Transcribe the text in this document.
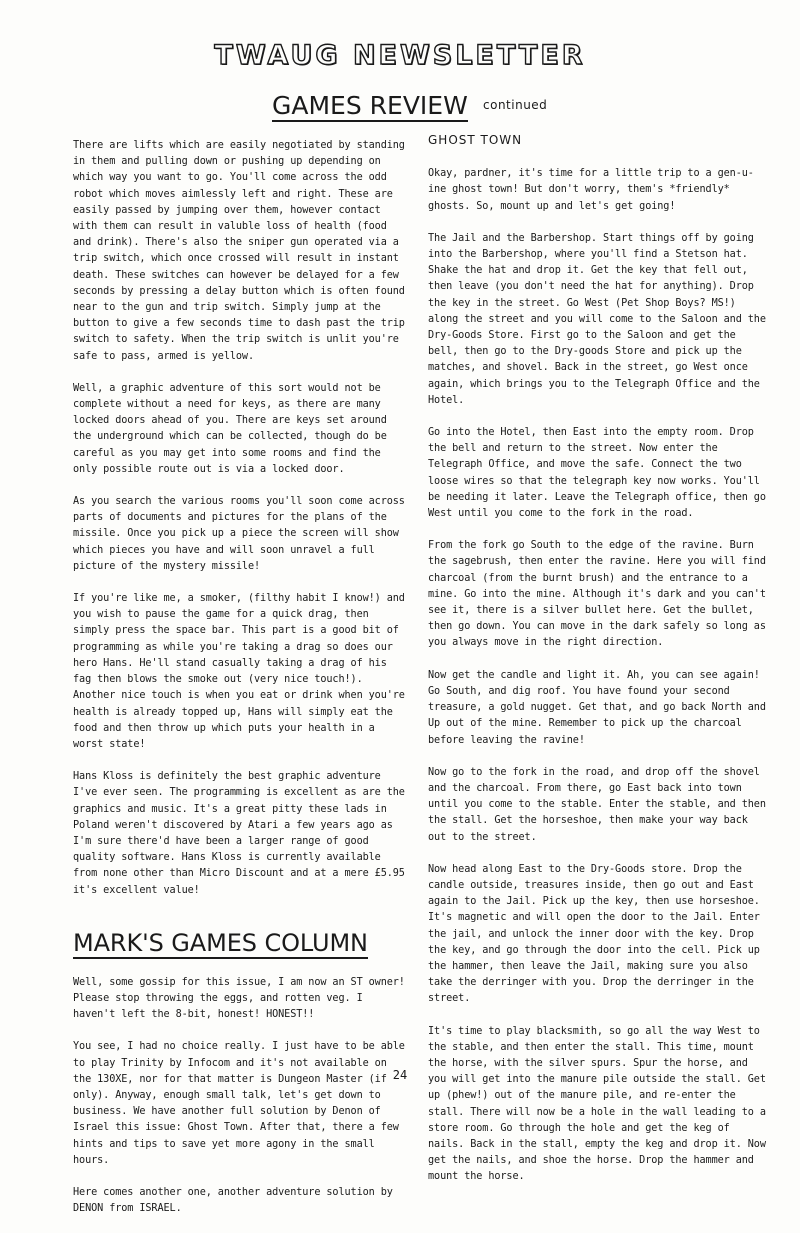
TWAUG NEWSLETTER
GAMES REVIEW continued

There are lifts which are easily negotiated by standing in them and pulling down or pushing up depending on which way you want to go. You'll come across the odd robot which moves aimlessly left and right. These are easily passed by jumping over them, however contact with them can result in valuble loss of health (food and drink). There's also the sniper gun operated via a trip switch, which once crossed will result in instant death. These switches can however be delayed for a few seconds by pressing a delay button which is often found near to the gun and trip switch. Simply jump at the button to give a few seconds time to dash past the trip switch to safety. When the trip switch is unlit you're safe to pass, armed is yellow.

Well, a graphic adventure of this sort would not be complete without a need for keys, as there are many locked doors ahead of you. There are keys set around the underground which can be collected, though do be careful as you may get into some rooms and find the only possible route out is via a locked door.

As you search the various rooms you'll soon come across parts of documents and pictures for the plans of the missile. Once you pick up a piece the screen will show which pieces you have and will soon unravel a full picture of the mystery missile!

If you're like me, a smoker, (filthy habit I know!) and you wish to pause the game for a quick drag, then simply press the space bar. This part is a good bit of programming as while you're taking a drag so does our hero Hans. He'll stand casually taking a drag of his fag then blows the smoke out (very nice touch!). Another nice touch is when you eat or drink when you're health is already topped up, Hans will simply eat the food and then throw up which puts your health in a worst state!

Hans Kloss is definitely the best graphic adventure I've ever seen. The programming is excellent as are the graphics and music. It's a great pitty these lads in Poland weren't discovered by Atari a few years ago as I'm sure there'd have been a larger range of good quality software. Hans Kloss is currently available from none other than Micro Discount and at a mere £5.95 it's excellent value!

MARK'S GAMES COLUMN

Well, some gossip for this issue, I am now an ST owner! Please stop throwing the eggs, and rotten veg. I haven't left the 8-bit, honest! HONEST!!

You see, I had no choice really. I just have to be able to play Trinity by Infocom and it's not available on the 130XE, nor for that matter is Dungeon Master (if only). Anyway, enough small talk, let's get down to business. We have another full solution by Denon of Israel this issue: Ghost Town. After that, there a few hints and tips to save yet more agony in the small hours.

Here comes another one, another adventure solution by DENON from ISRAEL.

GHOST TOWN

Okay, pardner, it's time for a little trip to a gen-u-ine ghost town! But don't worry, them's *friendly* ghosts. So, mount up and let's get going!

The Jail and the Barbershop. Start things off by going into the Barbershop, where you'll find a Stetson hat. Shake the hat and drop it. Get the key that fell out, then leave (you don't need the hat for anything). Drop the key in the street. Go West (Pet Shop Boys? MS!) along the street and you will come to the Saloon and the Dry-Goods Store. First go to the Saloon and get the bell, then go to the Dry-goods Store and pick up the matches, and shovel. Back in the street, go West once again, which brings you to the Telegraph Office and the Hotel.

Go into the Hotel, then East into the empty room. Drop the bell and return to the street. Now enter the Telegraph Office, and move the safe. Connect the two loose wires so that the telegraph key now works. You'll be needing it later. Leave the Telegraph office, then go West until you come to the fork in the road.

From the fork go South to the edge of the ravine. Burn the sagebrush, then enter the ravine. Here you will find charcoal (from the burnt brush) and the entrance to a mine. Go into the mine. Although it's dark and you can't see it, there is a silver bullet here. Get the bullet, then go down. You can move in the dark safely so long as you always move in the right direction.

Now get the candle and light it. Ah, you can see again! Go South, and dig roof. You have found your second treasure, a gold nugget. Get that, and go back North and Up out of the mine. Remember to pick up the charcoal before leaving the ravine!

Now go to the fork in the road, and drop off the shovel and the charcoal. From there, go East back into town until you come to the stable. Enter the stable, and then the stall. Get the horseshoe, then make your way back out to the street.

Now head along East to the Dry-Goods store. Drop the candle outside, treasures inside, then go out and East again to the Jail. Pick up the key, then use horseshoe. It's magnetic and will open the door to the Jail. Enter the jail, and unlock the inner door with the key. Drop the key, and go through the door into the cell. Pick up the hammer, then leave the Jail, making sure you also take the derringer with you. Drop the derringer in the street.

It's time to play blacksmith, so go all the way West to the stable, and then enter the stall. This time, mount the horse, with the silver spurs. Spur the horse, and you will get into the manure pile outside the stall. Get up (phew!) out of the manure pile, and re-enter the stall. There will now be a hole in the wall leading to a store room. Go through the hole and get the keg of nails. Back in the stall, empty the keg and drop it. Now get the nails, and shoe the horse. Drop the hammer and mount the horse.

24
